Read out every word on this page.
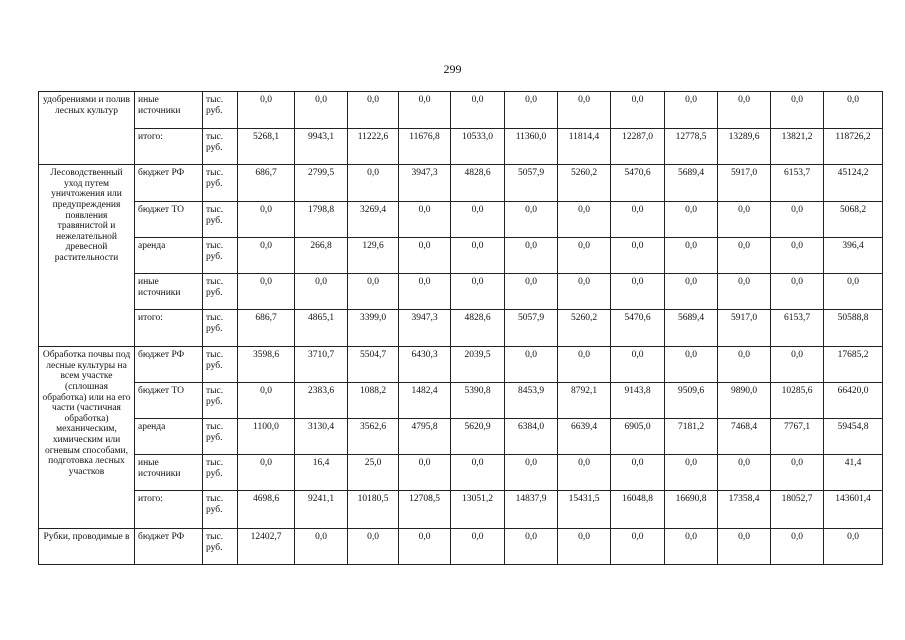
299
удобрениями и полив лесных культур	иные источники	тыс. руб.	0,0	0,0	0,0	0,0	0,0	0,0	0,0	0,0	0,0	0,0	0,0	0,0
	итого:	тыс. руб.	5268,1	9943,1	11222,6	11676,8	10533,0	11360,0	11814,4	12287,0	12778,5	13289,6	13821,2	118726,2
Лесоводственный уход путем уничтожения или предупреждения появления травянистой и нежелательной древесной растительности	бюджет РФ	тыс. руб.	686,7	2799,5	0,0	3947,3	4828,6	5057,9	5260,2	5470,6	5689,4	5917,0	6153,7	45124,2
	бюджет ТО	тыс. руб.	0,0	1798,8	3269,4	0,0	0,0	0,0	0,0	0,0	0,0	0,0	0,0	5068,2
	аренда	тыс. руб.	0,0	266,8	129,6	0,0	0,0	0,0	0,0	0,0	0,0	0,0	0,0	396,4
	иные источники	тыс. руб.	0,0	0,0	0,0	0,0	0,0	0,0	0,0	0,0	0,0	0,0	0,0	0,0
	итого:	тыс. руб.	686,7	4865,1	3399,0	3947,3	4828,6	5057,9	5260,2	5470,6	5689,4	5917,0	6153,7	50588,8
Обработка почвы под лесные культуры на всем участке (сплошная обработка) или на его части (частичная обработка) механическим, химическим или огневым способами, подготовка лесных участков	бюджет РФ	тыс. руб.	3598,6	3710,7	5504,7	6430,3	2039,5	0,0	0,0	0,0	0,0	0,0	0,0	17685,2
	бюджет ТО	тыс. руб.	0,0	2383,6	1088,2	1482,4	5390,8	8453,9	8792,1	9143,8	9509,6	9890,0	10285,6	66420,0
	аренда	тыс. руб.	1100,0	3130,4	3562,6	4795,8	5620,9	6384,0	6639,4	6905,0	7181,2	7468,4	7767,1	59454,8
	иные источники	тыс. руб.	0,0	16,4	25,0	0,0	0,0	0,0	0,0	0,0	0,0	0,0	0,0	41,4
	итого:	тыс. руб.	4698,6	9241,1	10180,5	12708,5	13051,2	14837,9	15431,5	16048,8	16690,8	17358,4	18052,7	143601,4
Рубки, проводимые в	бюджет РФ	тыс. руб.	12402,7	0,0	0,0	0,0	0,0	0,0	0,0	0,0	0,0	0,0	0,0	0,0
